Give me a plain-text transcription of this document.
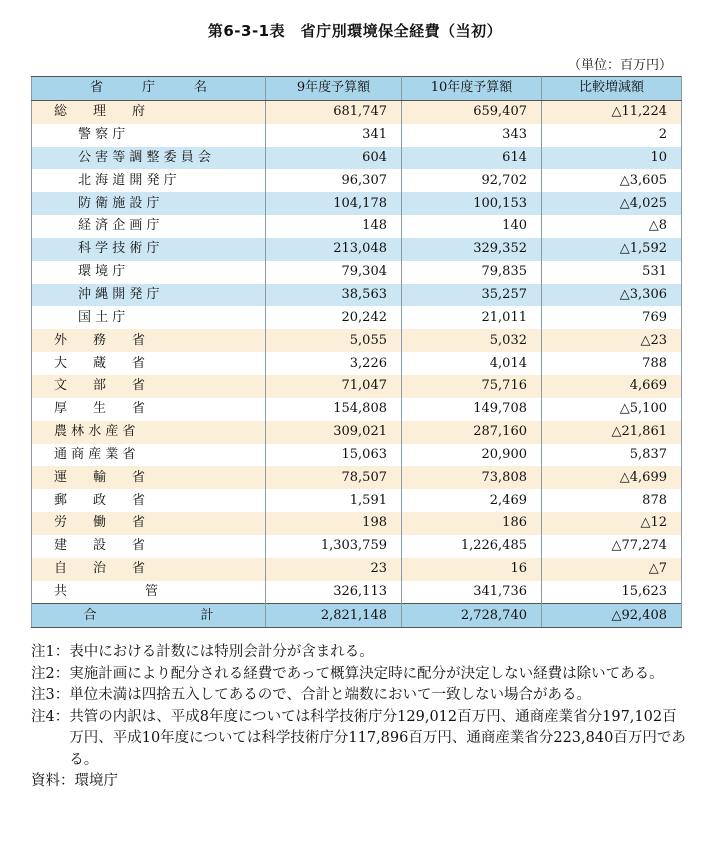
第6-3-1表　省庁別環境保全経費（当初）
（単位：百万円）
省　　　庁　　　名	9年度予算額	10年度予算額	比較増減額
総　　理　　府	681,747	659,407	△11,224
警 察 庁	341	343	2
公 害 等 調 整 委 員 会	604	614	10
北 海 道 開 発 庁	96,307	92,702	△3,605
防 衛 施 設 庁	104,178	100,153	△4,025
経 済 企 画 庁	148	140	△8
科 学 技 術 庁	213,048	329,352	△1,592
環 境 庁	79,304	79,835	531
沖 縄 開 発 庁	38,563	35,257	△3,306
国 土 庁	20,242	21,011	769
外　　務　　省	5,055	5,032	△23
大　　蔵　　省	3,226	4,014	788
文　　部　　省	71,047	75,716	4,669
厚　　生　　省	154,808	149,708	△5,100
農 林 水 産 省	309,021	287,160	△21,861
通 商 産 業 省	15,063	20,900	5,837
運　　輸　　省	78,507	73,808	△4,699
郵　　政　　省	1,591	2,469	878
労　　働　　省	198	186	△12
建　　設　　省	1,303,759	1,226,485	△77,274
自　　治　　省	23	16	△7
共　　　　　　管	326,113	341,736	15,623
合　　　　　　　　計	2,821,148	2,728,740	△92,408
注1： 表中における計数には特別会計分が含まれる。
注2： 実施計画により配分される経費であって概算決定時に配分が決定しない経費は除いてある。
注3： 単位未満は四捨五入してあるので、合計と端数において一致しない場合がある。
注4： 共管の内訳は、平成8年度については科学技術庁分129,012百万円、通商産業省分197,102百万円、平成10年度については科学技術庁分117,896百万円、通商産業省分223,840百万円である。
資料： 環境庁
